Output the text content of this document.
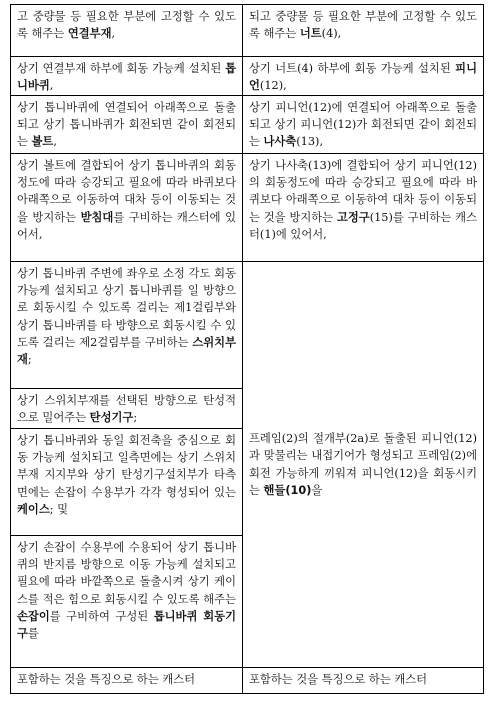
고 중량물 등 필요한 부분에 고정할 수 있도록 해주는 연결부재,
상기 연결부재 하부에 회동 가능케 설치된 톱니바퀴,
상기 톱니바퀴에 연결되어 아래쪽으로 돌출되고 상기 톱니바퀴가 회전되면 같이 회전되는 볼트,
상기 볼트에 결합되어 상기 톱니바퀴의 회동정도에 따라 승강되고 필요에 따라 바퀴보다 아래쪽으로 이동하여 대차 등이 이동되는 것을 방지하는 받침대를 구비하는 캐스터에 있어서,
상기 톱니바퀴 주변에 좌우로 소정 각도 회동 가능케 설치되고 상기 톱니바퀴를 일 방향으로 회동시킬 수 있도록 걸리는 제1걸림부와 상기 톱니바퀴를 타 방향으로 회동시킬 수 있도록 걸리는 제2걸림부를 구비하는 스위치부재;
상기 스위치부재를 선택된 방향으로 탄성적으로 밀어주는 탄성기구;
상기 톱니바퀴와 동일 회전축을 중심으로 회동 가능케 설치되고 일측면에는 상기 스위치부재 지지부와 상기 탄성기구설치부가 타측면에는 손잡이 수용부가 각각 형성되어 있는 케이스; 및
상기 손잡이 수용부에 수용되어 상기 톱니바퀴의 반지름 방향으로 이동 가능케 설치되고 필요에 따라 바깥쪽으로 돌출시켜 상기 케이스를 적은 힘으로 회동시킬 수 있도록 해주는 손잡이를 구비하여 구성된 톱니바퀴 회동기구를
포함하는 것을 특징으로 하는 캐스터
되고 중량물 등 필요한 부분에 고정할 수 있도록 해주는 너트(4),
상기 너트(4) 하부에 회동 가능케 설치된 피니언(12),
상기 피니언(12)에 연결되어 아래쪽으로 돌출 되고 상기 피니언(12)가 회전되면 같이 회전되는 나사축(13),
상기 나사축(13)에 결합되어 상기 피니언(12)의 회동정도에 따라 승강되고 필요에 따라 바퀴보다 아래쪽으로 이동하여 대차 등이 이동되는 것을 방지하는 고정구(15)를 구비하는 캐스터(1)에 있어서,
프레임(2)의 절개부(2a)로 돌출된 피니언(12)과 맞물리는 내접기어가 형성되고 프레임(2)에 회전 가능하게 끼워져 피니언(12)을 회동시키는 핸들(10)을
포함하는 것을 특징으로 하는 캐스터
